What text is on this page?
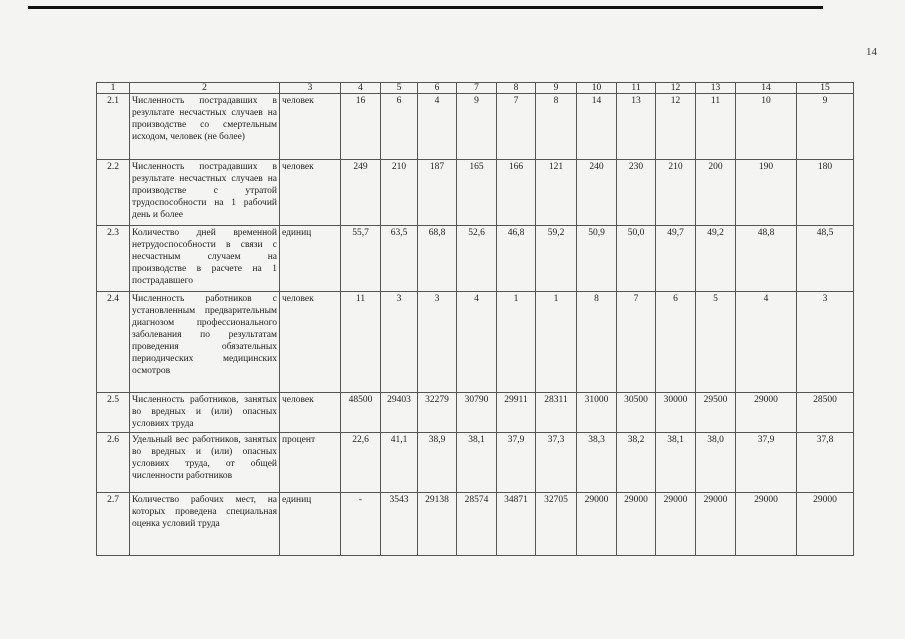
14
1	2	3	4	5	6	7	8	9	10	11	12	13	14	15
2.1	Численность пострадавших в результате несчастных случаев на производстве со смертельным исходом, человек (не более)	человек	16	6	4	9	7	8	14	13	12	11	10	9
2.2	Численность пострадавших в результате несчастных случаев на производстве с утратой трудоспособности на 1 рабочий день и более	человек	249	210	187	165	166	121	240	230	210	200	190	180
2.3	Количество дней временной нетрудоспособности в связи с несчастным случаем на производстве в расчете на 1 пострадавшего	единиц	55,7	63,5	68,8	52,6	46,8	59,2	50,9	50,0	49,7	49,2	48,8	48,5
2.4	Численность работников с установленным предварительным диагнозом профессионального заболевания по результатам проведения обязательных периодических медицинских осмотров	человек	11	3	3	4	1	1	8	7	6	5	4	3
2.5	Численность работников, занятых во вредных и (или) опасных условиях труда	человек	48500	29403	32279	30790	29911	28311	31000	30500	30000	29500	29000	28500
2.6	Удельный вес работников, занятых во вредных и (или) опасных условиях труда, от общей численности работников	процент	22,6	41,1	38,9	38,1	37,9	37,3	38,3	38,2	38,1	38,0	37,9	37,8
2.7	Количество рабочих мест, на которых проведена специальная оценка условий труда	единиц	-	3543	29138	28574	34871	32705	29000	29000	29000	29000	29000	29000
